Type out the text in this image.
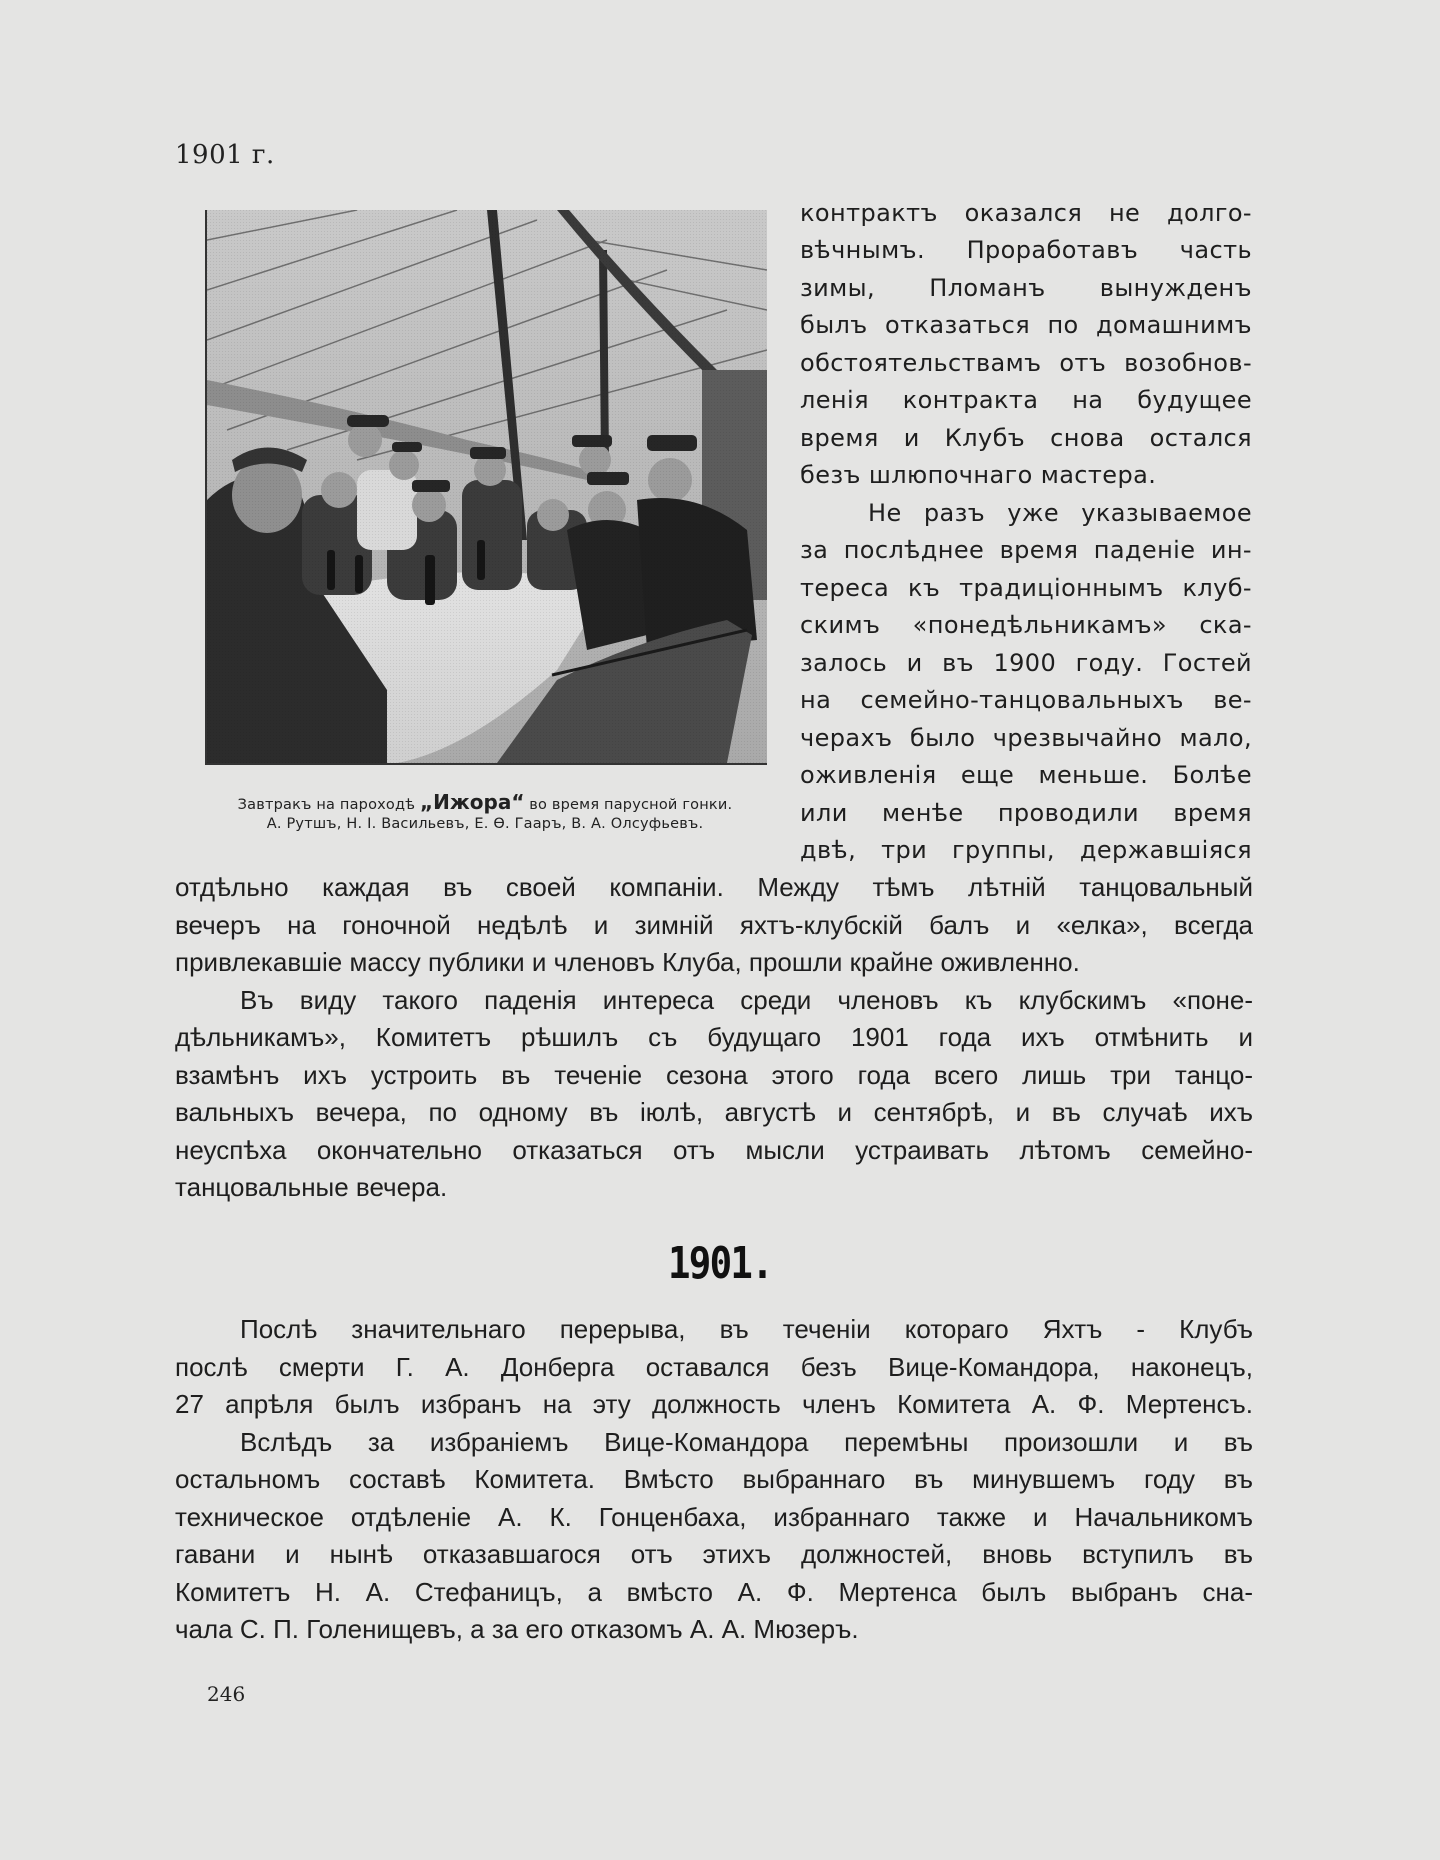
1901 г.
Завтракъ на пароходѣ „Ижора“ во время парусной гонки.
А. Рутшъ, Н. І. Васильевъ, Е. Ѳ. Гааръ, В. А. Олсуфьевъ.
контрактъ оказался не долго-
вѣчнымъ. Проработавъ часть
зимы, Пломанъ вынужденъ
былъ отказаться по домашнимъ
обстоятельствамъ отъ возобнов-
ленія контракта на будущее
время и Клубъ снова остался
безъ шлюпочнаго мастера.
Не разъ уже указываемое
за послѣднее время паденіе ин-
тереса къ традиціоннымъ клуб-
скимъ «понедѣльникамъ» ска-
залось и въ 1900 году. Гостей
на семейно-танцовальныхъ ве-
черахъ было чрезвычайно мало,
оживленія еще меньше. Болѣе
или менѣе проводили время
двѣ, три группы, державшіяся
отдѣльно каждая въ своей компаніи. Между тѣмъ лѣтній танцовальный
вечеръ на гоночной недѣлѣ и зимній яхтъ-клубскій балъ и «елка», всегда
привлекавшіе массу публики и членовъ Клуба, прошли крайне оживленно.
Въ виду такого паденія интереса среди членовъ къ клубскимъ «поне-
дѣльникамъ», Комитетъ рѣшилъ съ будущаго 1901 года ихъ отмѣнить и
взамѣнъ ихъ устроить въ теченіе сезона этого года всего лишь три танцо-
вальныхъ вечера, по одному въ іюлѣ, августѣ и сентябрѣ, и въ случаѣ ихъ
неуспѣха окончательно отказаться отъ мысли устраивать лѣтомъ семейно-
танцовальные вечера.
1901.
Послѣ значительнаго перерыва, въ теченіи котораго Яхтъ - Клубъ
послѣ смерти Г. А. Донберга оставался безъ Вице-Командора, наконецъ,
27 апрѣля былъ избранъ на эту должность членъ Комитета А. Ф. Мертенсъ.
Вслѣдъ за избраніемъ Вице-Командора перемѣны произошли и въ
остальномъ составѣ Комитета. Вмѣсто выбраннаго въ минувшемъ году въ
техническое отдѣленіе А. К. Гонценбаха, избраннаго также и Начальникомъ
гавани и нынѣ отказавшагося отъ этихъ должностей, вновь вступилъ въ
Комитетъ Н. А. Стефаницъ, а вмѣсто А. Ф. Мертенса былъ выбранъ сна-
чала С. П. Голенищевъ, а за его отказомъ А. А. Мюзеръ.
246
